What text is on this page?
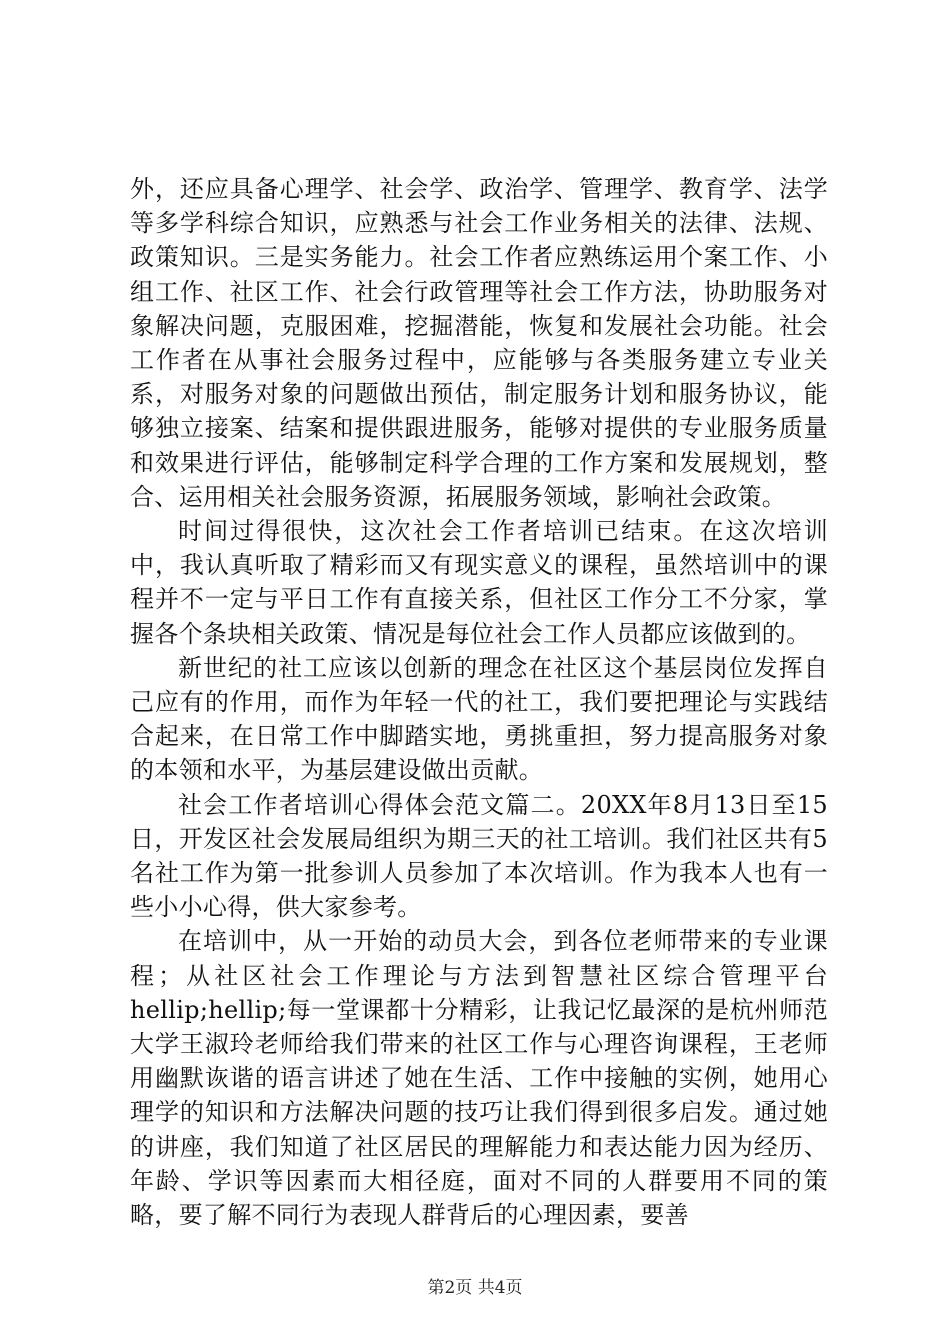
外，还应具备心理学、社会学、政治学、管理学、教育学、法学等多学科综合知识，应熟悉与社会工作业务相关的法律、法规、政策知识。三是实务能力。社会工作者应熟练运用个案工作、小组工作、社区工作、社会行政管理等社会工作方法，协助服务对象解决问题，克服困难，挖掘潜能，恢复和发展社会功能。社会工作者在从事社会服务过程中，应能够与各类服务建立专业关系，对服务对象的问题做出预估，制定服务计划和服务协议，能够独立接案、结案和提供跟进服务，能够对提供的专业服务质量和效果进行评估，能够制定科学合理的工作方案和发展规划，整合、运用相关社会服务资源，拓展服务领域，影响社会政策。

时间过得很快，这次社会工作者培训已结束。在这次培训中，我认真听取了精彩而又有现实意义的课程，虽然培训中的课程并不一定与平日工作有直接关系，但社区工作分工不分家，掌握各个条块相关政策、情况是每位社会工作人员都应该做到的。

新世纪的社工应该以创新的理念在社区这个基层岗位发挥自己应有的作用，而作为年轻一代的社工，我们要把理论与实践结合起来，在日常工作中脚踏实地，勇挑重担，努力提高服务对象的本领和水平，为基层建设做出贡献。

社会工作者培训心得体会范文篇二。20XX年8月13日至15日，开发区社会发展局组织为期三天的社工培训。我们社区共有5名社工作为第一批参训人员参加了本次培训。作为我本人也有一些小小心得，供大家参考。

在培训中，从一开始的动员大会，到各位老师带来的专业课程；从社区社会工作理论与方法到智慧社区综合管理平台hellip;hellip;每一堂课都十分精彩，让我记忆最深的是杭州师范大学王淑玲老师给我们带来的社区工作与心理咨询课程，王老师用幽默诙谐的语言讲述了她在生活、工作中接触的实例，她用心理学的知识和方法解决问题的技巧让我们得到很多启发。通过她的讲座，我们知道了社区居民的理解能力和表达能力因为经历、年龄、学识等因素而大相径庭，面对不同的人群要用不同的策略，要了解不同行为表现人群背后的心理因素，要善

第2页 共4页
